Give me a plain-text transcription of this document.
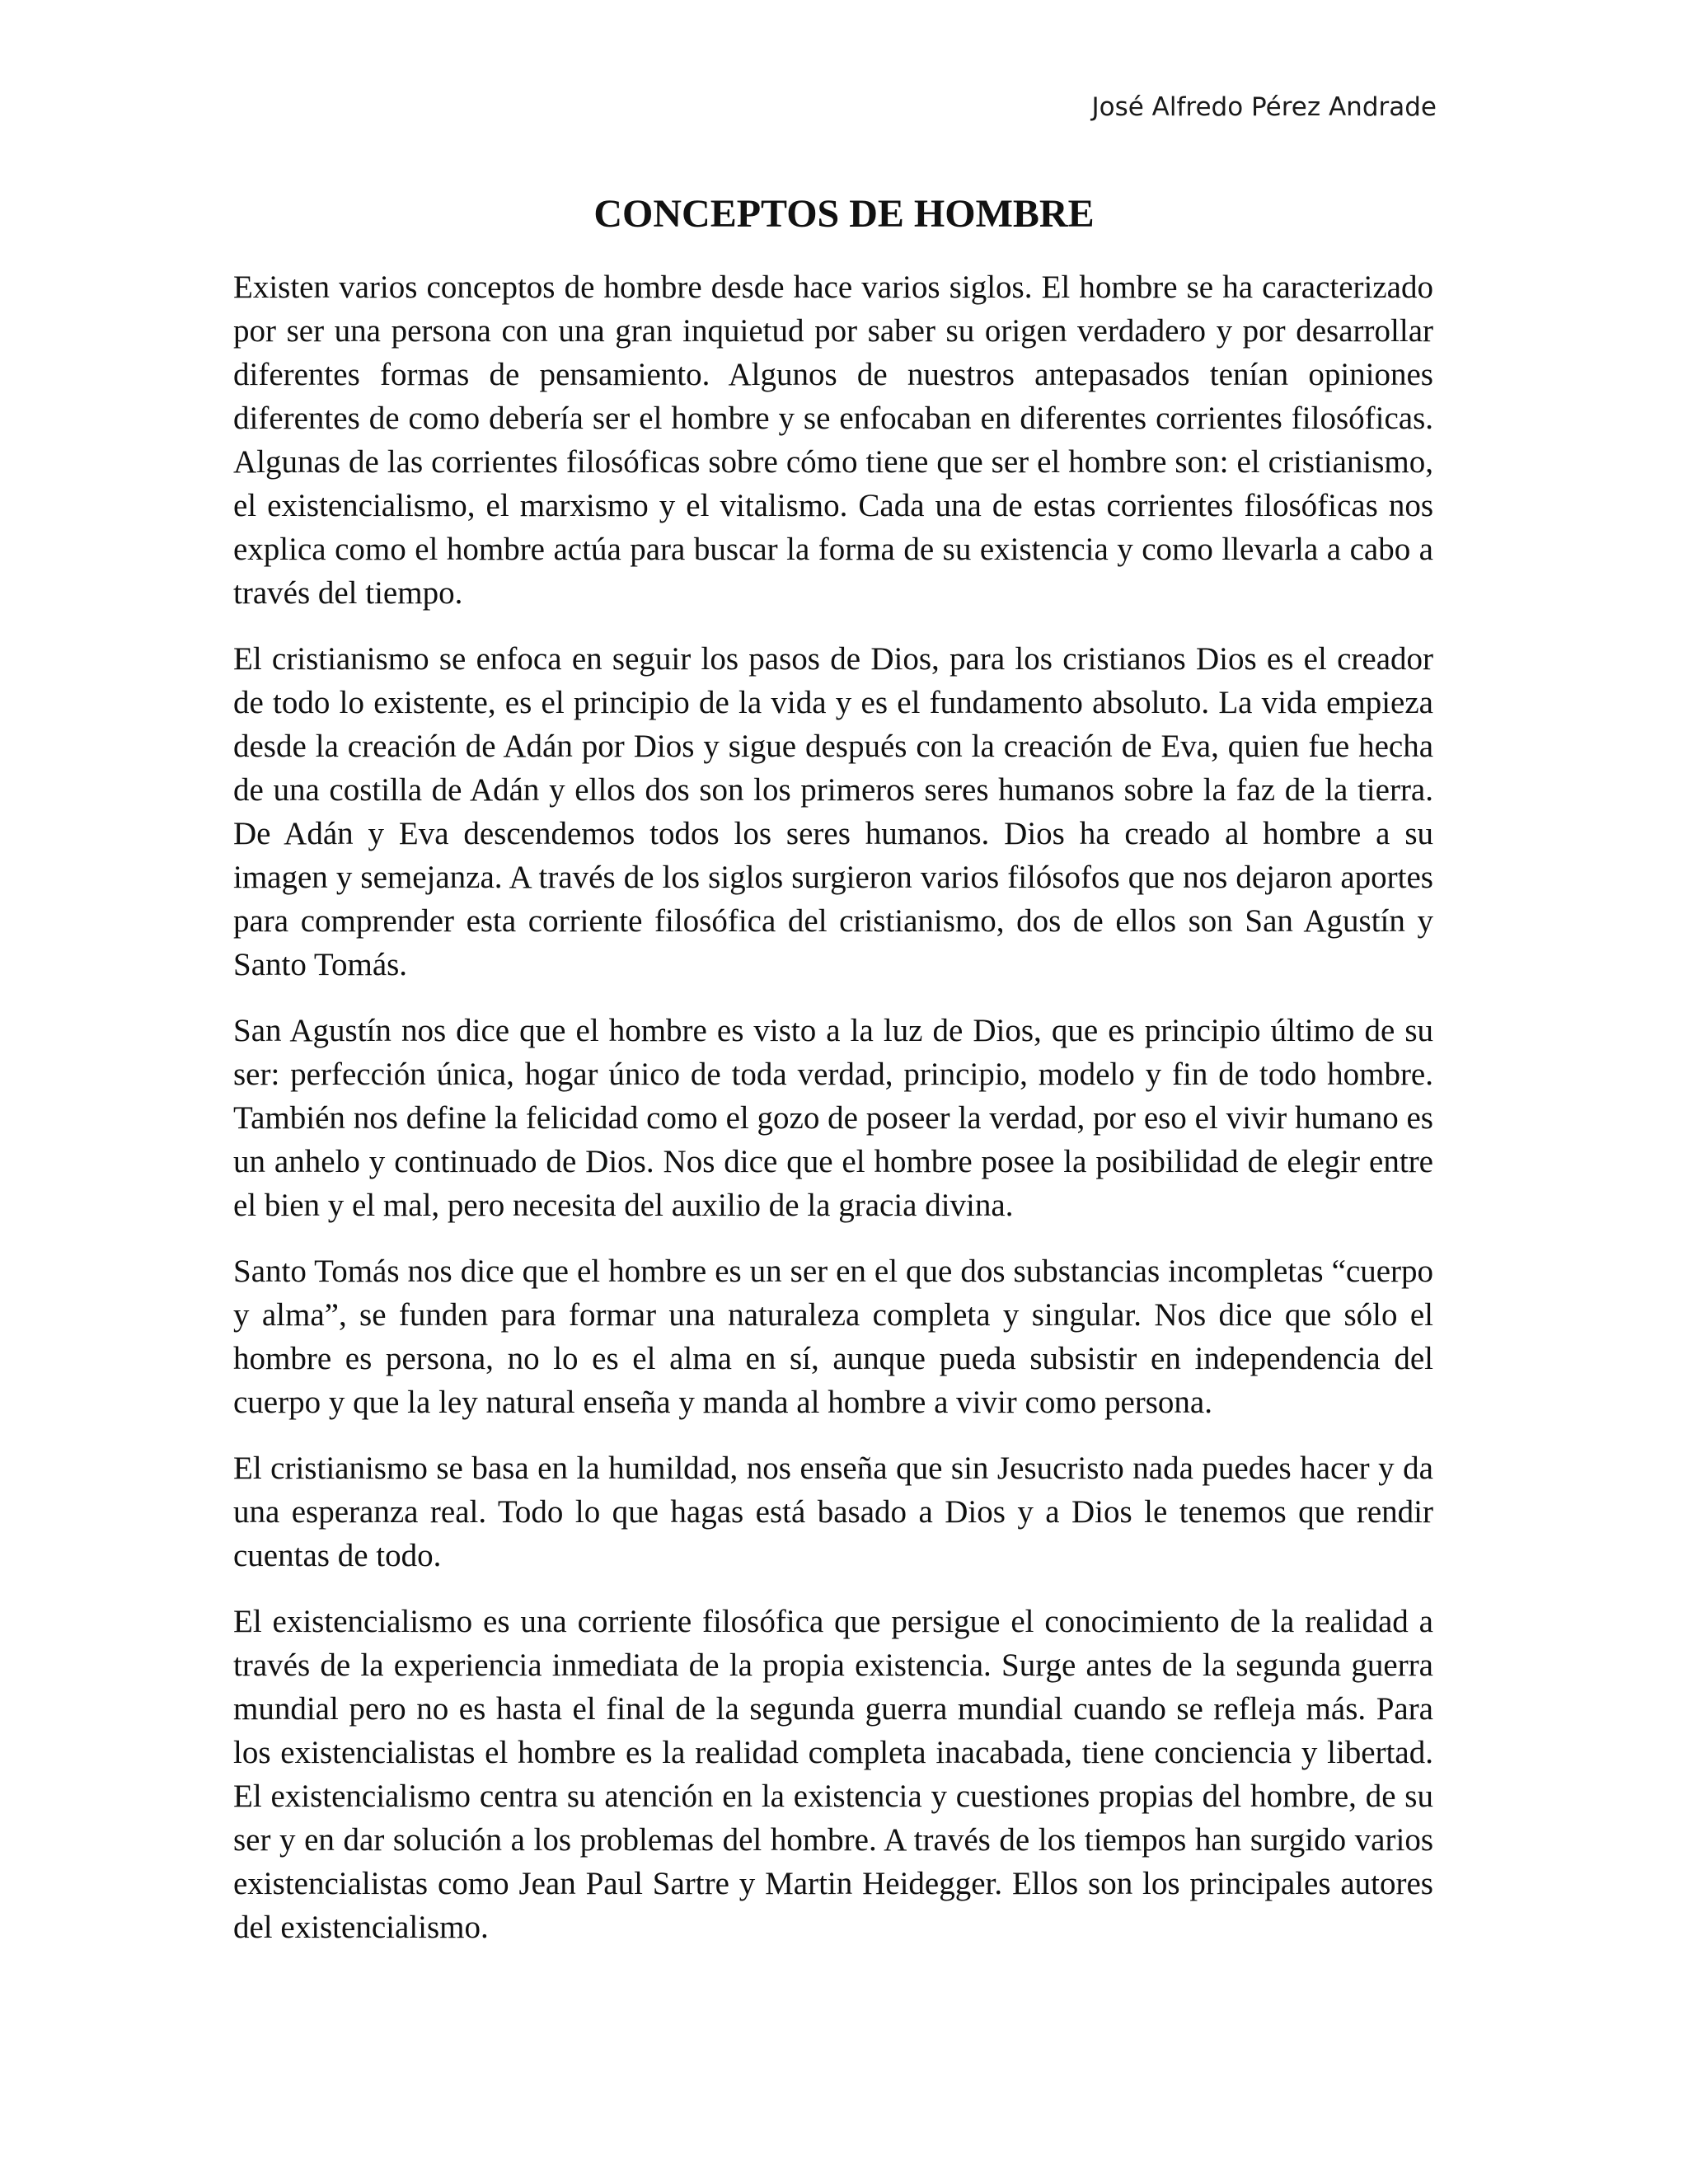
José Alfredo Pérez Andrade
CONCEPTOS DE HOMBRE

Existen varios conceptos de hombre desde hace varios siglos. El hombre se ha caracterizado por ser una persona con una gran inquietud por saber su origen verdadero y por desarrollar diferentes formas de pensamiento. Algunos de nuestros antepasados tenían opiniones diferentes de como debería ser el hombre y se enfocaban en diferentes corrientes filosóficas. Algunas de las corrientes filosóficas sobre cómo tiene que ser el hombre son: el cristianismo, el existencialismo, el marxismo y el vitalismo. Cada una de estas corrientes filosóficas nos explica como el hombre actúa para buscar la forma de su existencia y como llevarla a cabo a través del tiempo.

El cristianismo se enfoca en seguir los pasos de Dios, para los cristianos Dios es el creador de todo lo existente, es el principio de la vida y es el fundamento absoluto. La vida empieza desde la creación de Adán por Dios y sigue después con la creación de Eva, quien fue hecha de una costilla de Adán y ellos dos son los primeros seres humanos sobre la faz de la tierra. De Adán y Eva descendemos todos los seres humanos. Dios ha creado al hombre a su imagen y semejanza. A través de los siglos surgieron varios filósofos que nos dejaron aportes para comprender esta corriente filosófica del cristianismo, dos de ellos son San Agustín y Santo Tomás.

San Agustín nos dice que el hombre es visto a la luz de Dios, que es principio último de su ser: perfección única, hogar único de toda verdad, principio, modelo y fin de todo hombre. También nos define la felicidad como el gozo de poseer la verdad, por eso el vivir humano es un anhelo y continuado de Dios. Nos dice que el hombre posee la posibilidad de elegir entre el bien y el mal, pero necesita del auxilio de la gracia divina.

Santo Tomás nos dice que el hombre es un ser en el que dos substancias incompletas “cuerpo y alma”, se funden para formar una naturaleza completa y singular. Nos dice que sólo el hombre es persona, no lo es el alma en sí, aunque pueda subsistir en independencia del cuerpo y que la ley natural enseña y manda al hombre a vivir como persona.

El cristianismo se basa en la humildad, nos enseña que sin Jesucristo nada puedes hacer y da una esperanza real. Todo lo que hagas está basado a Dios y a Dios le tenemos que rendir cuentas de todo.

El existencialismo es una corriente filosófica que persigue el conocimiento de la realidad a través de la experiencia inmediata de la propia existencia. Surge antes de la segunda guerra mundial pero no es hasta el final de la segunda guerra mundial cuando se refleja más. Para los existencialistas el hombre es la realidad completa inacabada, tiene conciencia y libertad. El existencialismo centra su atención en la existencia y cuestiones propias del hombre, de su ser y en dar solución a los problemas del hombre. A través de los tiempos han surgido varios existencialistas como Jean Paul Sartre y Martin Heidegger. Ellos son los principales autores del existencialismo.
